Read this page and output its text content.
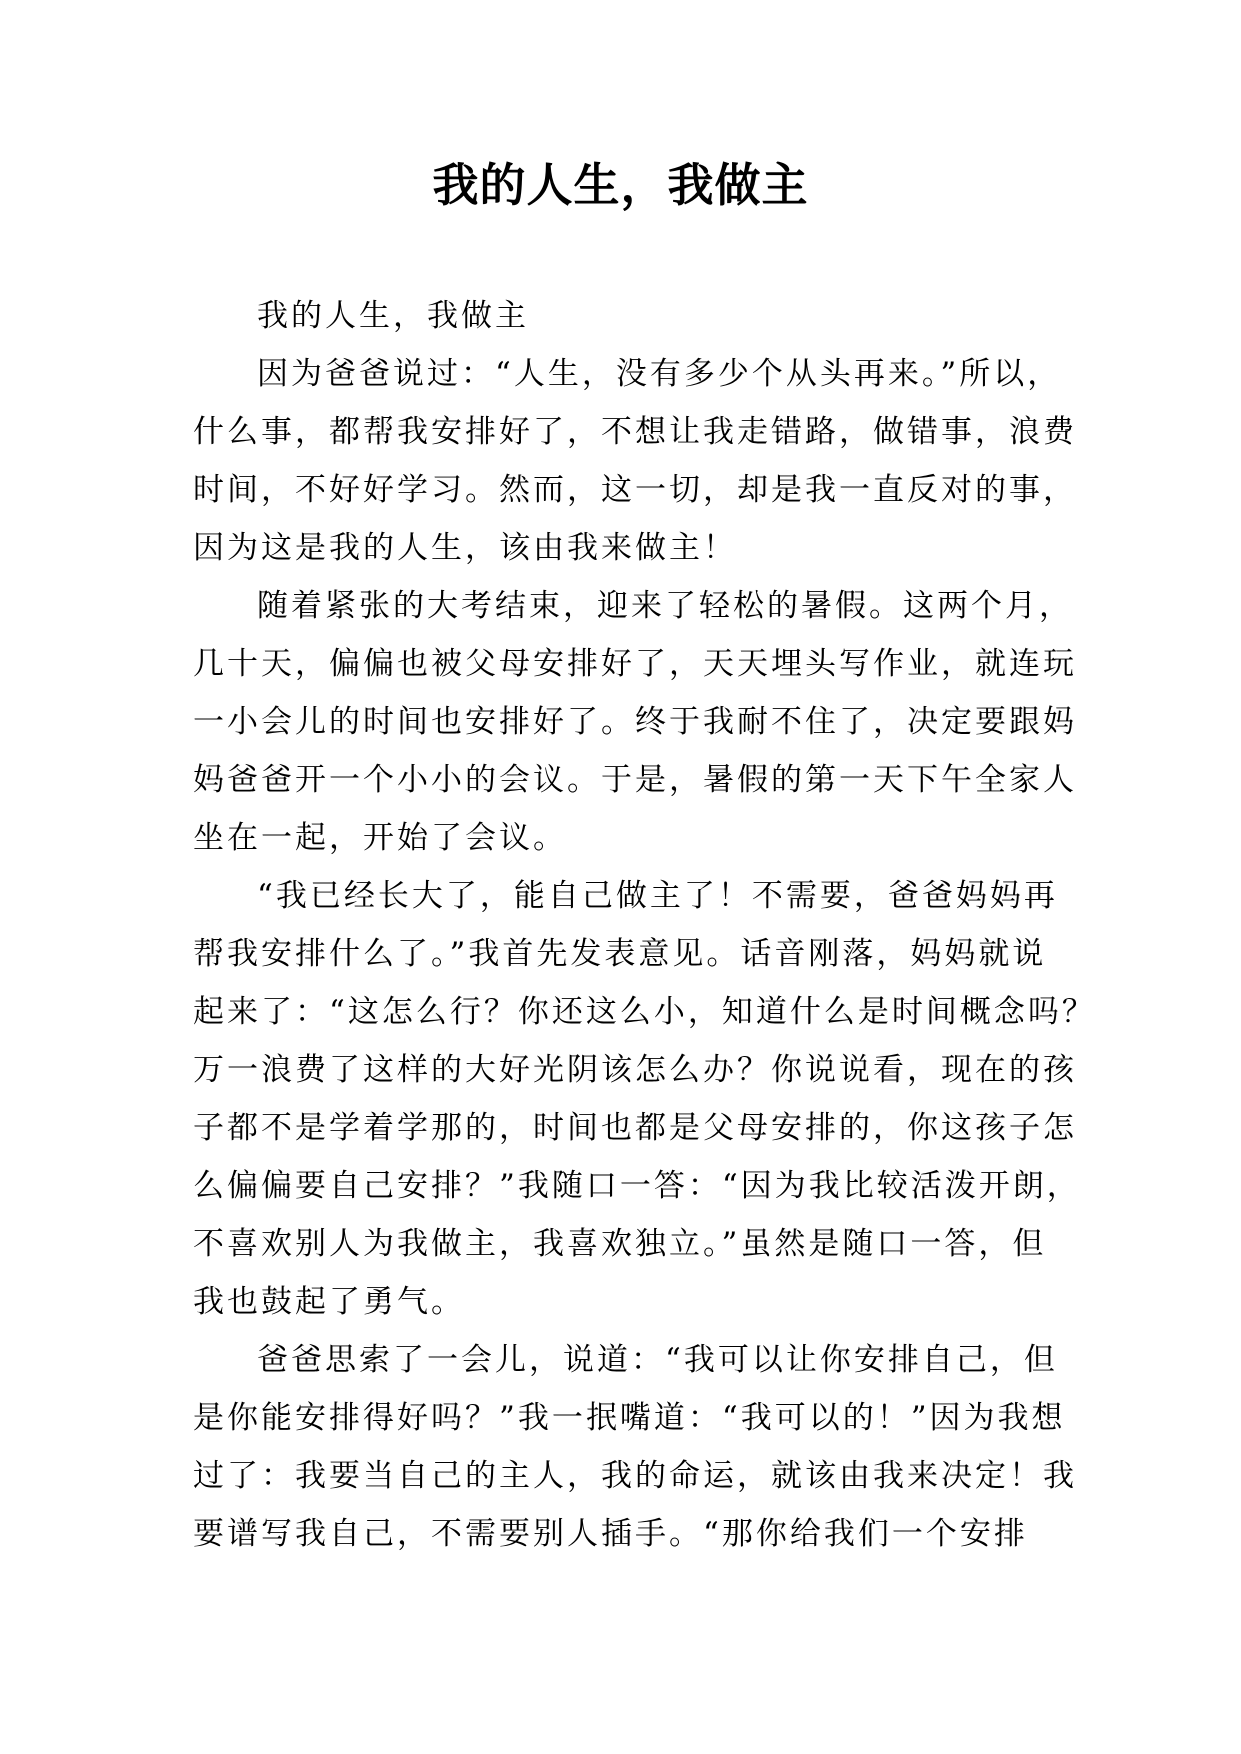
我的人生，我做主
我的人生，我做主
因为爸爸说过：“人生，没有多少个从头再来。”所以，
什么事，都帮我安排好了，不想让我走错路，做错事，浪费
时间，不好好学习。然而，这一切，却是我一直反对的事，
因为这是我的人生，该由我来做主！
随着紧张的大考结束，迎来了轻松的暑假。这两个月，
几十天，偏偏也被父母安排好了，天天埋头写作业，就连玩
一小会儿的时间也安排好了。终于我耐不住了，决定要跟妈
妈爸爸开一个小小的会议。于是，暑假的第一天下午全家人
坐在一起，开始了会议。
“我已经长大了，能自己做主了！不需要，爸爸妈妈再
帮我安排什么了。”我首先发表意见。话音刚落，妈妈就说
起来了：“这怎么行？你还这么小，知道什么是时间概念吗？
万一浪费了这样的大好光阴该怎么办？你说说看，现在的孩
子都不是学着学那的，时间也都是父母安排的，你这孩子怎
么偏偏要自己安排？”我随口一答：“因为我比较活泼开朗，
不喜欢别人为我做主，我喜欢独立。”虽然是随口一答，但
我也鼓起了勇气。
爸爸思索了一会儿，说道：“我可以让你安排自己，但
是你能安排得好吗？”我一抿嘴道：“我可以的！”因为我想
过了：我要当自己的主人，我的命运，就该由我来决定！我
要谱写我自己，不需要别人插手。“那你给我们一个安排
